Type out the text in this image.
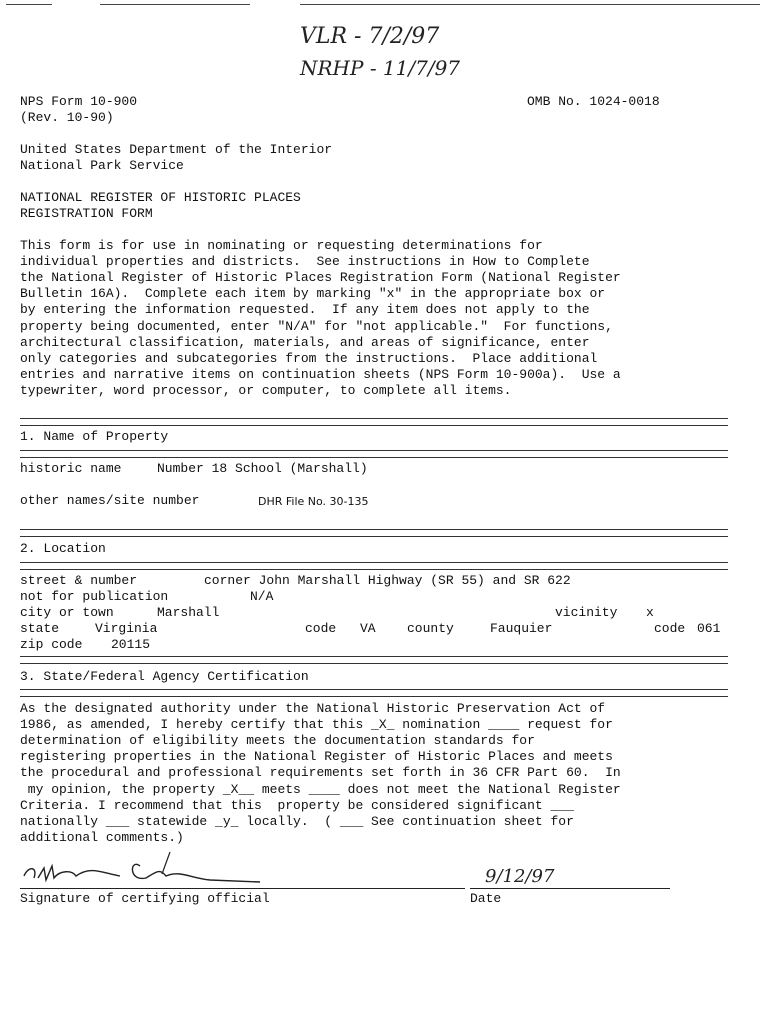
VLR - 7/2/97
NRHP - 11/7/97
NPS Form 10-900
(Rev. 10-90)
OMB No. 1024-0018
United States Department of the Interior
National Park Service
NATIONAL REGISTER OF HISTORIC PLACES
REGISTRATION FORM
This form is for use in nominating or requesting determinations for
individual properties and districts.  See instructions in How to Complete
the National Register of Historic Places Registration Form (National Register
Bulletin 16A).  Complete each item by marking "x" in the appropriate box or
by entering the information requested.  If any item does not apply to the
property being documented, enter "N/A" for "not applicable."  For functions,
architectural classification, materials, and areas of significance, enter
only categories and subcategories from the instructions.  Place additional
entries and narrative items on continuation sheets (NPS Form 10-900a).  Use a
typewriter, word processor, or computer, to complete all items.
1. Name of Property
historic name	Number 18 School (Marshall)
other names/site number	DHR File No. 30-135
2. Location
street & number	corner John Marshall Highway (SR 55) and SR 622
not for publication	N/A
city or town	Marshall	vicinity x
state	Virginia	code VA county	Fauquier	code 061
zip code 20115
3. State/Federal Agency Certification
As the designated authority under the National Historic Preservation Act of
1986, as amended, I hereby certify that this _X_ nomination ____ request for
determination of eligibility meets the documentation standards for
registering properties in the National Register of Historic Places and meets
the procedural and professional requirements set forth in 36 CFR Part 60.  In
my opinion, the property _X__ meets ____ does not meet the National Register
Criteria. I recommend that this  property be considered significant ___
nationally ___ statewide _y_ locally.  ( ___ See continuation sheet for
additional comments.)
9/12/97
Signature of certifying official	Date
